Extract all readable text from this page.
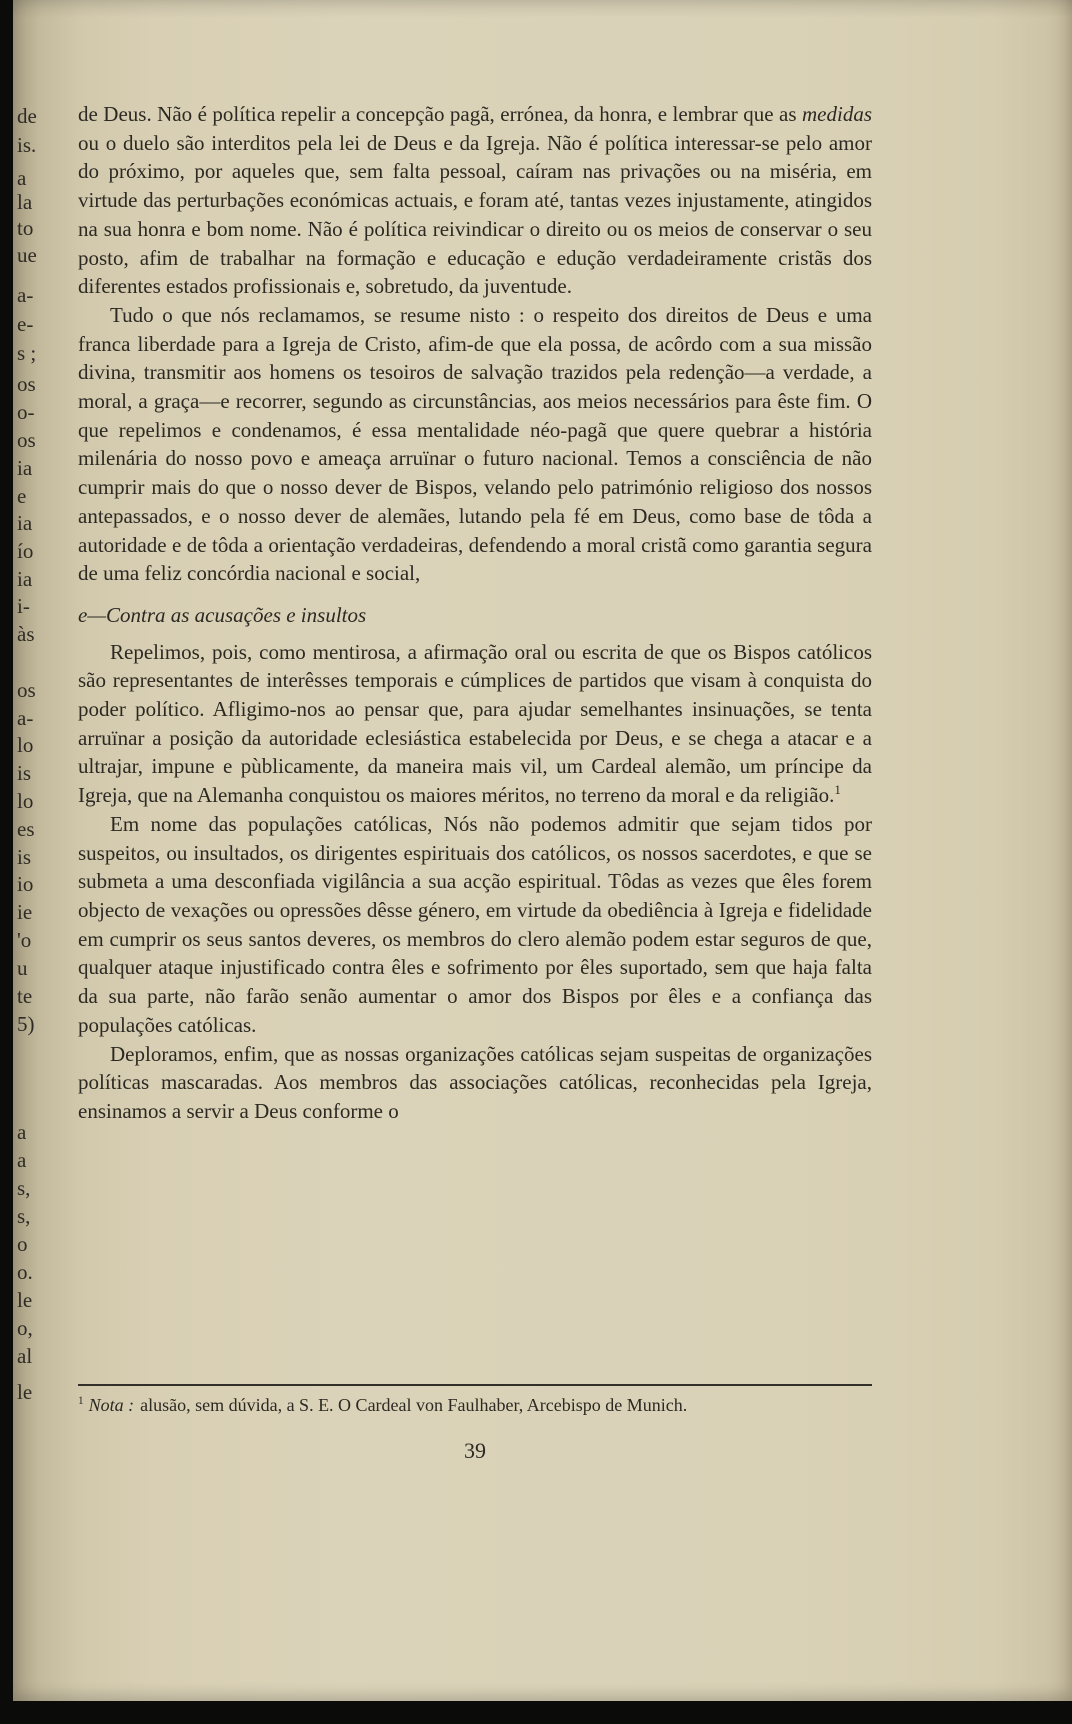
de
is.
a
la
to
ue
a-
e-
s ;
os
o-
os
ia
e
ia
ío
ia
i-
às
os
a-
lo
is
lo
es
is
io
ie
'o
u
te
5)
a
a
s,
s,
o
o.
le
o,
al
le

de Deus. Não é política repelir a concepção pagã, errónea, da honra, e lembrar que as medidas ou o duelo são interditos pela lei de Deus e da Igreja. Não é política interessar-se pelo amor do próximo, por aqueles que, sem falta pessoal, caíram nas privações ou na miséria, em virtude das perturbações económicas actuais, e foram até, tantas vezes injustamente, atingidos na sua honra e bom nome. Não é política reivindicar o direito ou os meios de conservar o seu posto, afim de trabalhar na formação e educação e edução verdadeiramente cristãs dos diferentes estados profissionais e, sobretudo, da juventude.

Tudo o que nós reclamamos, se resume nisto : o respeito dos direitos de Deus e uma franca liberdade para a Igreja de Cristo, afim-de que ela possa, de acôrdo com a sua missão divina, transmitir aos homens os tesoiros de salvação trazidos pela redenção—a verdade, a moral, a graça—e recorrer, segundo as circunstâncias, aos meios necessários para êste fim. O que repelimos e condenamos, é essa mentalidade néo-pagã que quere quebrar a história milenária do nosso povo e ameaça arruïnar o futuro nacional. Temos a consciência de não cumprir mais do que o nosso dever de Bispos, velando pelo património religioso dos nossos antepassados, e o nosso dever de alemães, lutando pela fé em Deus, como base de tôda a autoridade e de tôda a orientação verdadeiras, defendendo a moral cristã como garantia segura de uma feliz concórdia nacional e social,

e—Contra as acusações e insultos

Repelimos, pois, como mentirosa, a afirmação oral ou escrita de que os Bispos católicos são representantes de interêsses temporais e cúmplices de partidos que visam à conquista do poder político. Afligimo-nos ao pensar que, para ajudar semelhantes insinuações, se tenta arruïnar a posição da autoridade eclesiástica estabelecida por Deus, e se chega a atacar e a ultrajar, impune e pùblicamente, da maneira mais vil, um Cardeal alemão, um príncipe da Igreja, que na Alemanha conquistou os maiores méritos, no terreno da moral e da religião.$^1$

Em nome das populações católicas, Nós não podemos admitir que sejam tidos por suspeitos, ou insultados, os dirigentes espirituais dos católicos, os nossos sacerdotes, e que se submeta a uma desconfiada vigilância a sua acção espiritual. Tôdas as vezes que êles forem objecto de vexações ou opressões dêsse género, em virtude da obediência à Igreja e fidelidade em cumprir os seus santos deveres, os membros do clero alemão podem estar seguros de que, qualquer ataque injustificado contra êles e sofrimento por êles suportado, sem que haja falta da sua parte, não farão senão aumentar o amor dos Bispos por êles e a confiança das populações católicas.

Deploramos, enfim, que as nossas organizações católicas sejam suspeitas de organizações políticas mascaradas. Aos membros das associações católicas, reconhecidas pela Igreja, ensinamos a servir a Deus conforme o

$^1$ Nota : alusão, sem dúvida, a S. E. O Cardeal von Faulhaber, Arcebispo de Munich.

39
